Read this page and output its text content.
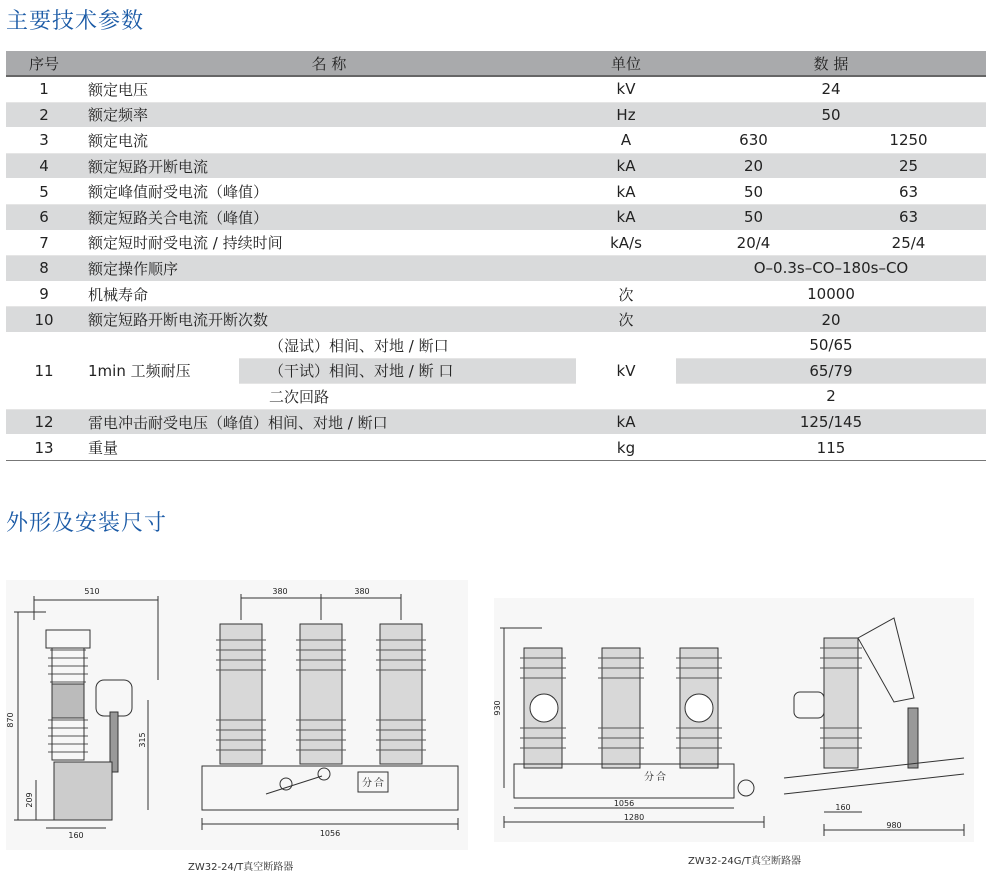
主要技术参数
序号	名 称		单位	数 据	
1	额定电压		kV	24	
2	额定频率		Hz	50	
3	额定电流		A	630	1250
4	额定短路开断电流		kA	20	25
5	额定峰值耐受电流（峰值）		kA	50	63
6	额定短路关合电流（峰值）		kA	50	63
7	额定短时耐受电流 / 持续时间		kA/s	20/4	25/4
8	额定操作顺序			O–0.3s–CO–180s–CO	
9	机械寿命		次	10000	
10	额定短路开断电流开断次数		次	20	
11	1min 工频耐压	（湿试）相间、对地 / 断口	kV	50/65	
		（干试）相间、对地 / 断 口		65/79	
		二次回路		2	
12	雷电冲击耐受电压（峰值）相间、对地 / 断口		kA	125/145	
13	重量		kg	115	
外形及安装尺寸
510
870
315
209
160
380	380
1056
分 合
ZW32-24/T真空断路器
930
1056
1280
160
980
分 合
ZW32-24G/T真空断路器
